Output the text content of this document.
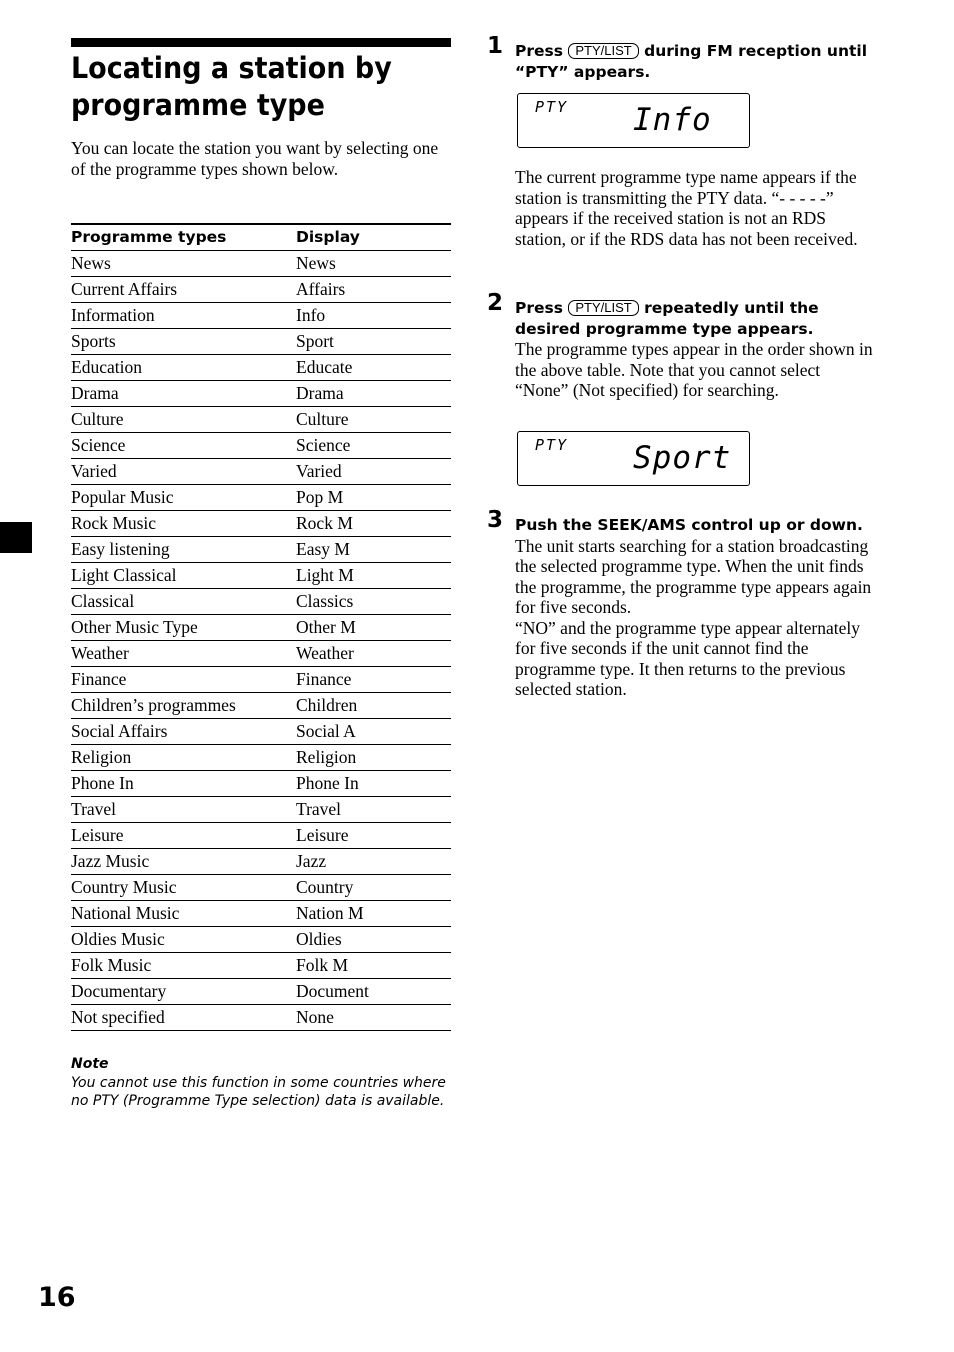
Locating a station by programme type

You can locate the station you want by selecting one of the programme types shown below.

Programme types	Display
News	News
Current Affairs	Affairs
Information	Info
Sports	Sport
Education	Educate
Drama	Drama
Culture	Culture
Science	Science
Varied	Varied
Popular Music	Pop M
Rock Music	Rock M
Easy listening	Easy M
Light Classical	Light M
Classical	Classics
Other Music Type	Other M
Weather	Weather
Finance	Finance
Children’s programmes	Children
Social Affairs	Social A
Religion	Religion
Phone In	Phone In
Travel	Travel
Leisure	Leisure
Jazz Music	Jazz
Country Music	Country
National Music	Nation M
Oldies Music	Oldies
Folk Music	Folk M
Documentary	Document
Not specified	None
Note
You cannot use this function in some countries where no PTY (Programme Type selection) data is available.
16
1 Press PTY/LIST during FM reception until “PTY” appears.
PTY Info
The current programme type name appears if the station is transmitting the PTY data. “- - - - -” appears if the received station is not an RDS station, or if the RDS data has not been received.
2 Press PTY/LIST repeatedly until the desired programme type appears.
The programme types appear in the order shown in the above table. Note that you cannot select “None” (Not specified) for searching.
PTY Sport
3 Push the SEEK/AMS control up or down.
The unit starts searching for a station broadcasting the selected programme type. When the unit finds the programme, the programme type appears again for five seconds.
“NO” and the programme type appear alternately for five seconds if the unit cannot find the programme type. It then returns to the previous selected station.
